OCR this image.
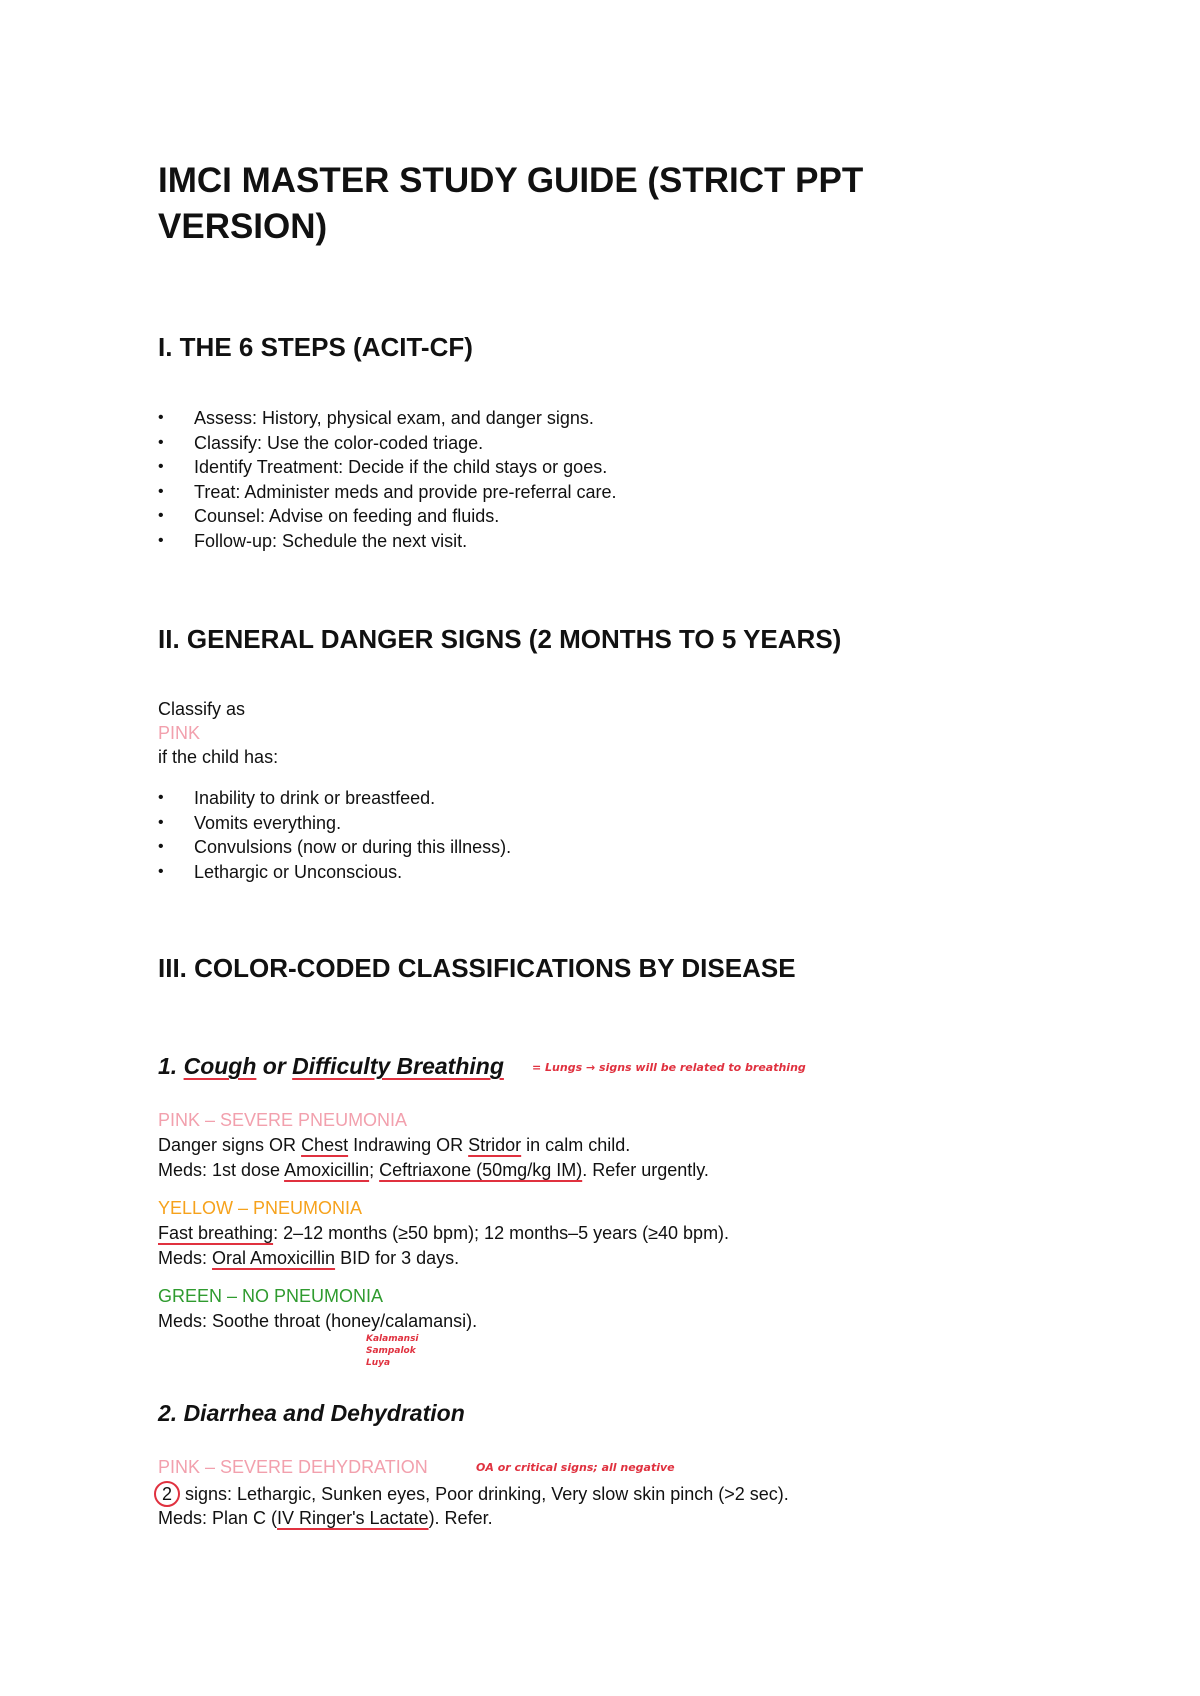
IMCI MASTER STUDY GUIDE (STRICT PPT VERSION)
I. THE 6 STEPS (ACIT-CF)
• Assess: History, physical exam, and danger signs.
• Classify: Use the color-coded triage.
• Identify Treatment: Decide if the child stays or goes.
• Treat: Administer meds and provide pre-referral care.
• Counsel: Advise on feeding and fluids.
• Follow-up: Schedule the next visit.
II. GENERAL DANGER SIGNS (2 MONTHS TO 5 YEARS)
Classify as
PINK
if the child has:
• Inability to drink or breastfeed.
• Vomits everything.
• Convulsions (now or during this illness).
• Lethargic or Unconscious.
III. COLOR-CODED CLASSIFICATIONS BY DISEASE
1. Cough or Difficulty Breathing	= Lungs → signs will be related to breathing
PINK – SEVERE PNEUMONIA
Danger signs OR Chest Indrawing OR Stridor in calm child.
Meds: 1st dose Amoxicillin; Ceftriaxone (50mg/kg IM). Refer urgently.
YELLOW – PNEUMONIA
Fast breathing: 2–12 months (≥50 bpm); 12 months–5 years (≥40 bpm).
Meds: Oral Amoxicillin BID for 3 days.
GREEN – NO PNEUMONIA
Meds: Soothe throat (honey/calamansi).
Kalamansi
Sampalok
Luya
2. Diarrhea and Dehydration
PINK – SEVERE DEHYDRATION	OA or critical signs; all negative
2 signs: Lethargic, Sunken eyes, Poor drinking, Very slow skin pinch (>2 sec).
Meds: Plan C (IV Ringer's Lactate). Refer.
